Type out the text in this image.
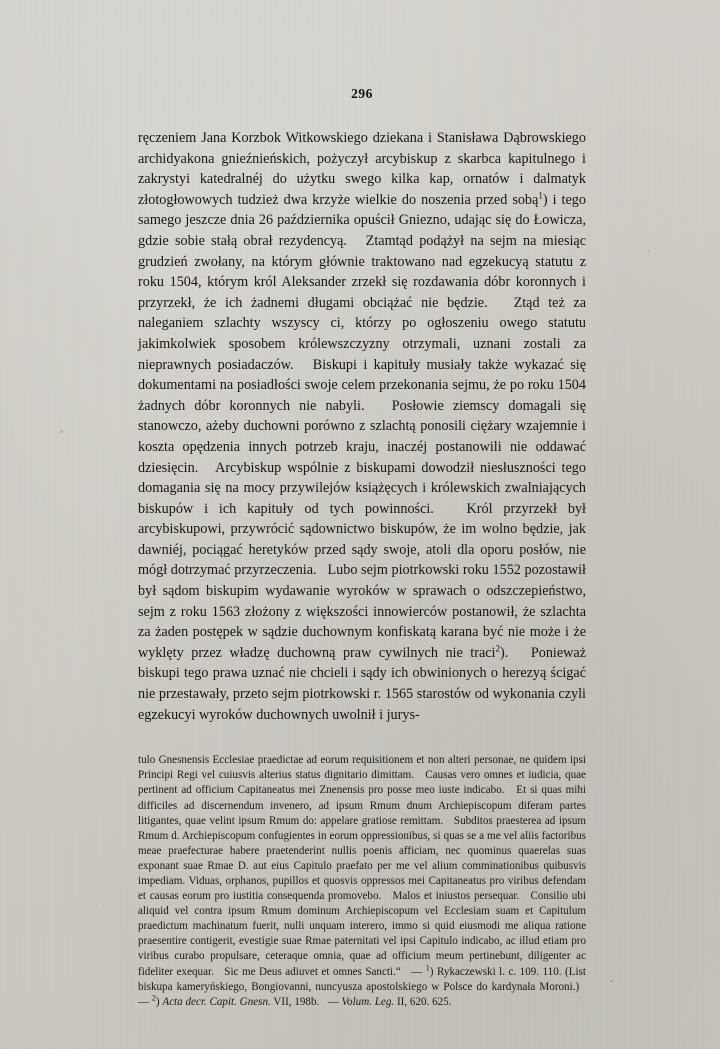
296
ręczeniem Jana Korzbok Witkowskiego dziekana i Stanisława Dąbrowskiego archidyakona gnieźnieńskich, pożyczył arcybiskup z skarbca kapitulnego i zakrystyi katedralnéj do użytku swego kilka kap, ornatów i dalmatyk złotogłowowych tudzież dwa krzyże wielkie do noszenia przed sobą$^1$) i tego samego jeszcze dnia 26 października opuścił Gniezno, udając się do Łowicza, gdzie sobie stałą obrał rezydencyą.   Ztamtąd podążył na sejm na miesiąc grudzień zwołany, na którym głównie traktowano nad egzekucyą statutu z roku 1504, którym król Aleksander zrzekł się rozdawania dóbr koronnych i przyrzekł, że ich żadnemi długami obciążać nie będzie.   Ztąd też za naleganiem szlachty wszyscy ci, którzy po ogłoszeniu owego statutu jakimkolwiek sposobem królewszczyzny otrzymali, uznani zostali za nieprawnych posiadaczów.   Biskupi i kapituły musiały także wykazać się dokumentami na posiadłości swoje celem przekonania sejmu, że po roku 1504 żadnych dóbr koronnych nie nabyli.   Posłowie ziemscy domagali się stanowczo, ażeby duchowni porówno z szlachtą ponosili ciężary wzajemnie i koszta opędzenia innych potrzeb kraju, inaczéj postanowili nie oddawać dziesięcin.   Arcybiskup wspólnie z biskupami dowodził niesłuszności tego domagania się na mocy przywilejów książęcych i królewskich zwalniających biskupów i ich kapituły od tych powinności.   Król przyrzekł był arcybiskupowi, przywrócić sądownictwo biskupów, że im wolno będzie, jak dawniéj, pociągać heretyków przed sądy swoje, atoli dla oporu posłów, nie mógł dotrzymać przyrzeczenia.   Lubo sejm piotrkowski roku 1552 pozostawił był sądom biskupim wydawanie wyroków w sprawach o odszczepieństwo, sejm z roku 1563 złożony z większości innowierców postanowił, że szlachta za żaden postępek w sądzie duchownym konfiskatą karana być nie może i że wyklęty przez władzę duchowną praw cywilnych nie traci$^2$).   Ponieważ biskupi tego prawa uznać nie chcieli i sądy ich obwinionych o herezyą ścigać nie przestawały, przeto sejm piotrkowski r. 1565 starostów od wykonania czyli egzekucyi wyroków duchownych uwolnił i jurys-
tulo Gnesnensis Ecclesiae praedictae ad eorum requisitionem et non alteri personae, ne quidem ipsi Principi Regi vel cuiusvis alterius status dignitario dimittam.   Causas vero omnes et iudicia, quae pertinent ad officium Capitaneatus mei Znenensis pro posse meo iuste indicabo.   Et si quas mihi difficiles ad discernendum invenero, ad ipsum Rmum dnum Archiepiscopum diferam partes litigantes, quae velint ipsum Rmum do: appelare gratiose remittam.   Subditos praesterea ad ipsum Rmum d. Archiepiscopum confugientes in eorum oppressionibus, si quas se a me vel aliis factoribus meae praefecturae habere praetenderint nullis poenis afficiam, nec quominus quaerelas suas exponant suae Rmae D. aut eius Capitulo praefato per me vel alium comminationibus quibusvis impediam. Viduas, orphanos, pupillos et quosvis oppressos mei Capitaneatus pro viribus defendam et causas eorum pro iustitia consequenda promovebo.   Malos et iniustos persequar.   Consilio ubi aliquid vel contra ipsum Rmum dominum Archiepiscopum vel Ecclesiam suam et Capitulum praedictum machinatum fuerit, nulli unquam interero, immo si quid eiusmodi me aliqua ratione praesentire contigerit, evestigie suae Rmae paternitati vel ipsi Capitulo indicabo, ac illud etiam pro viribus curabo propulsare, ceteraque omnia, quae ad officium meum pertinebunt, diligenter ac fideliter exequar.   Sic me Deus adiuvet et omnes Sancti.“   — $^1$) Rykaczewski l. c. 109. 110. (List biskupa kameryńskiego, Bongiovanni, nuncyusza apostolskiego w Polsce do kardynała Moroni.)   — $^2$) Acta decr. Capit. Gnesn. VII, 198b.   — Volum. Leg. II, 620. 625.
